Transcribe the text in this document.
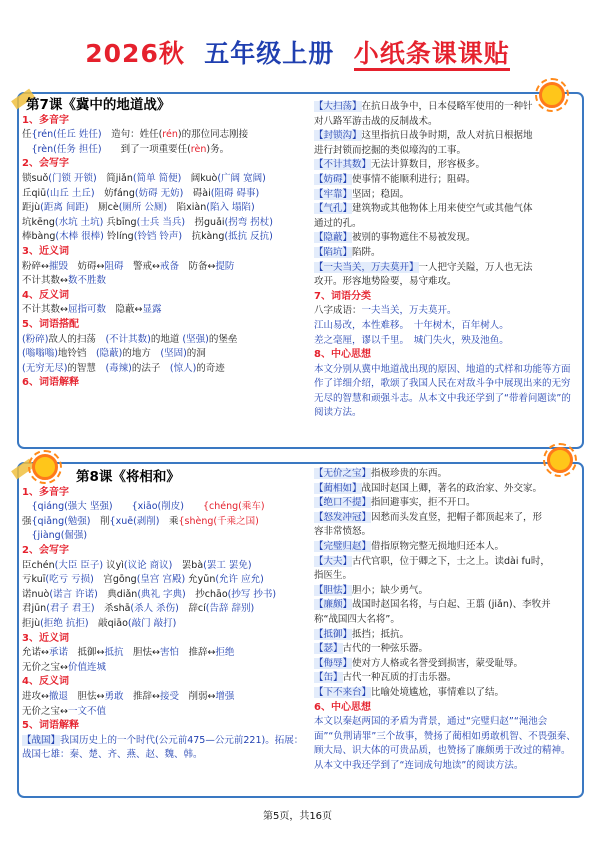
2026秋 五年级上册 小纸条课课贴
第7课《冀中的地道战》
1、多音字
任{rén(任丘 姓任)　造句：姓任(rén)的那位同志刚接
　{rèn(任务 担任)　　到了一项重要任(rèn)务。
2、会写字
锁suǒ(门锁 开锁)　简jiǎn(简单 简便)　阔kuò(广阔 宽阔)
丘qiū(山丘 土丘)　妨fáng(妨碍 无妨)　碍ài(阻碍 碍事)
距jù(距离 间距)　厕cè(厕所 公厕)　陷xiàn(陷入 塌陷)
坑kēng(水坑 土坑) 兵bīng(士兵 当兵)　拐guǎi(拐弯 拐杖)
棒bàng(木棒 很棒) 铃líng(铃铛 铃声)　抗kàng(抵抗 反抗)
3、近义词
粉碎↔摧毁　妨碍↔阻碍　警戒↔戒备　防备↔提防
不计其数↔数不胜数
4、反义词
不计其数↔屈指可数　隐蔽↔显露
5、词语搭配
(粉碎)敌人的扫荡　(不计其数)的地道 (坚强)的堡垒
(嗡嗡嗡)地铃铛　(隐蔽)的地方　(坚固)的洞
(无穷无尽)的智慧　(毒辣)的法子　(惊人)的奇迹
6、词语解释
【大扫荡】在抗日战争中，日本侵略军使用的一种针
对八路军游击战的反制战术。
【封锁沟】这里指抗日战争时期，敌人对抗日根据地
进行封锁而挖掘的类似壕沟的工事。
【不计其数】无法计算数目，形容极多。
【妨碍】使事情不能顺利进行；阻碍。
【牢靠】坚固；稳固。
【气孔】建筑物或其他物体上用来使空气或其他气体
通过的孔。
【隐蔽】被别的事物遮住不易被发现。
【陷坑】陷阱。
【一夫当关，万夫莫开】一人把守关隘，万人也无法
攻开。形容地势险要，易守难攻。
7、词语分类
八字成语：一夫当关，万夫莫开。
江山易改，本性难移。　十年树木，百年树人。
差之毫厘，谬以千里。　城门失火，殃及池鱼。
8、中心思想
本文分别从冀中地道战出现的原因、地道的式样和功能等方面作了详细介绍，歌颂了我国人民在对敌斗争中展现出来的无穷无尽的智慧和顽强斗志。从本文中我还学到了“带着问题读”的阅读方法。
第8课《将相和》
1、多音字
　{qiáng(强大 坚强)　　 {xiāo(削皮)　　 {chéng(乘车)
强{qiǎng(勉强)　削{xuē(剥削)　乘{shèng(千乘之国)
　{jiàng(倔强)
2、会写字
臣chén(大臣 臣子) 议yì(议论 商议)　罢bà(罢工 罢免)
亏kuī(吃亏 亏损)　宫gōng(皇宫 宫殿) 允yǔn(允许 应允)
诺nuò(诺言 许诺)　典diǎn(典礼 字典)　抄chāo(抄写 抄书)
君jūn(君子 君王)　杀shā(杀人 杀伤)　辞cí(告辞 辞别)
拒jù(拒绝 抗拒)　敲qiāo(敲门 敲打)
3、近义词
允诺↔承诺　抵御↔抵抗　胆怯↔害怕　推辞↔拒绝
无价之宝↔价值连城
4、反义词
进攻↔撤退　胆怯↔勇敢　推辞↔接受　削弱↔增强
无价之宝↔一文不值
5、词语解释
【战国】我国历史上的一个时代(公元前475—公元前221)。拓展：战国七雄：秦、楚、齐、燕、赵、魏、韩。
【无价之宝】指极珍贵的东西。
【蔺相如】战国时赵国上卿，著名的政治家、外交家。
【绝口不提】指回避事实，拒不开口。
【怒发冲冠】因愁而头发直竖，把帽子都顶起来了，形
容非常愤怒。
【完璧归赵】借指原物完整无损地归还本人。
【大夫】古代官职，位于卿之下，士之上。读dài fu时，
指医生。
【胆怯】胆小；缺少勇气。
【廉颇】战国时赵国名将，与白起、王翦 (jiǎn)、李牧并
称“战国四大名将”。
【抵御】抵挡；抵抗。
【瑟】古代的一种弦乐器。
【侮辱】使对方人格或名誉受到损害，蒙受耻辱。
【缶】古代一种瓦质的打击乐器。
【下不来台】比喻处境尴尬，事情难以了结。
6、中心思想
本文以秦赵两国的矛盾为背景，通过“完璧归赵”“渑池会面”“负荆请罪”三个故事，赞扬了蔺相如勇敢机智、不畏强秦、顾大局、识大体的可贵品质，也赞扬了廉颇勇于改过的精神。从本文中我还学到了“连词成句地读”的阅读方法。
第5页，共16页
